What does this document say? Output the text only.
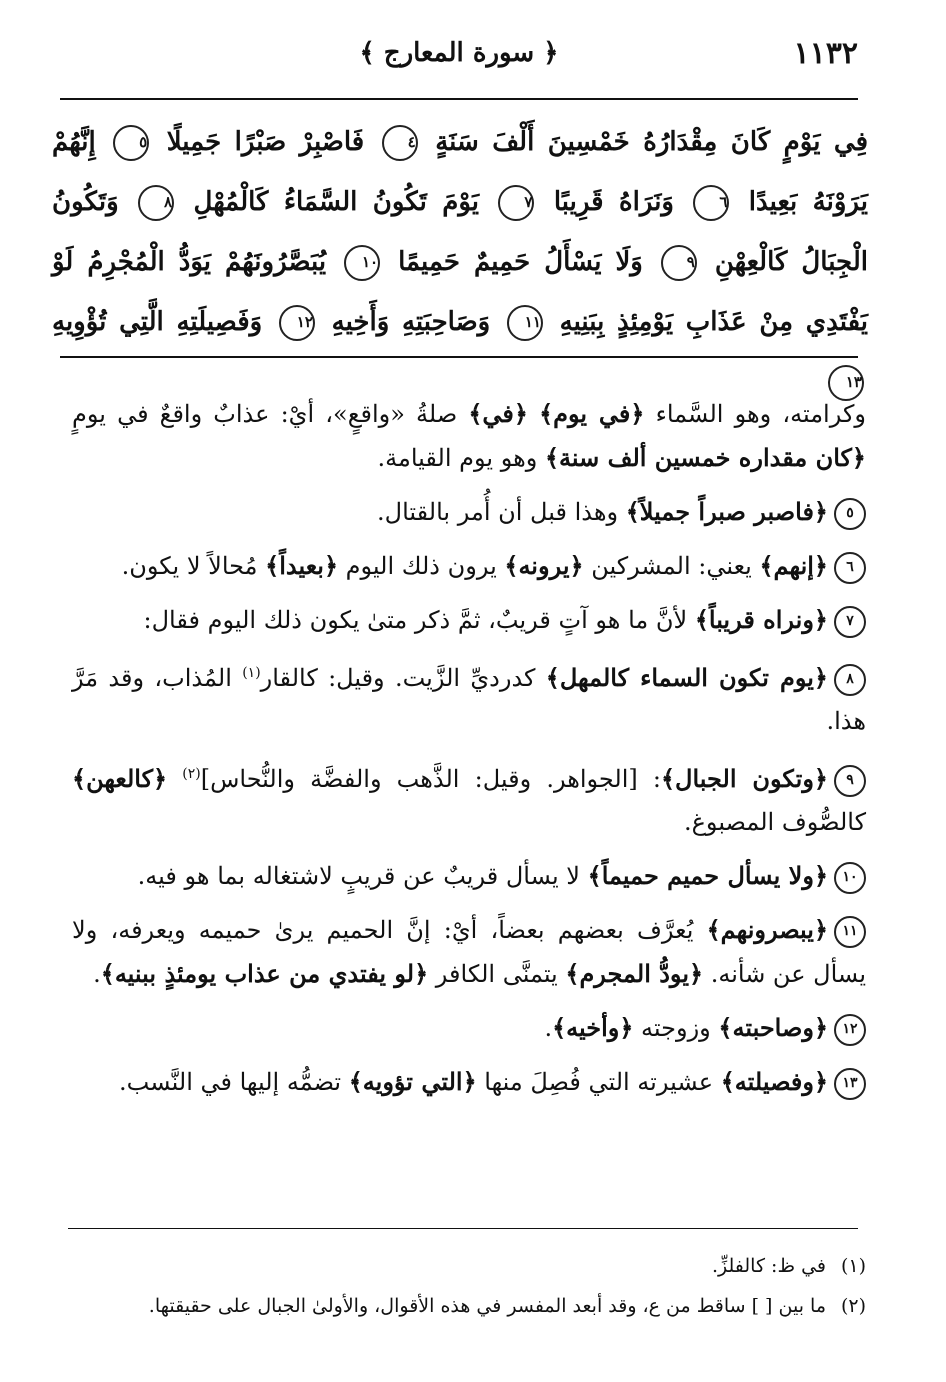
١١٣٢
﴿ سورة المعارج ﴾
فِي يَوْمٍ كَانَ مِقْدَارُهُ خَمْسِينَ أَلْفَ سَنَةٍ ٤ فَاصْبِرْ صَبْرًا جَمِيلًا ٥ إِنَّهُمْ يَرَوْنَهُ بَعِيدًا ٦ وَنَرَاهُ قَرِيبًا ٧ يَوْمَ تَكُونُ السَّمَاءُ كَالْمُهْلِ ٨ وَتَكُونُ الْجِبَالُ كَالْعِهْنِ ٩ وَلَا يَسْأَلُ حَمِيمٌ حَمِيمًا ١٠ يُبَصَّرُونَهُمْ يَوَدُّ الْمُجْرِمُ لَوْ يَفْتَدِي مِنْ عَذَابِ يَوْمِئِذٍ بِبَنِيهِ ١١ وَصَاحِبَتِهِ وَأَخِيهِ ١٢ وَفَصِيلَتِهِ الَّتِي تُؤْوِيهِ ١٣

وكرامته، وهو السَّماء ﴿في يوم﴾ ﴿في﴾ صلةُ «واقعٍ»، أيْ: عذابٌ واقعٌ في يومٍ ﴿كان مقداره خمسين ألف سنة﴾ وهو يوم القيامة.

٥﴿فاصبر صبراً جميلاً﴾ وهذا قبل أن أُمر بالقتال.

٦﴿إنهم﴾ يعني: المشركين ﴿يرونه﴾ يرون ذلك اليوم ﴿بعيداً﴾ مُحالاً لا يكون.

٧﴿ونراه قريباً﴾ لأنَّ ما هو آتٍ قريبٌ، ثمَّ ذكر متىٰ يكون ذلك اليوم فقال:

٨﴿يوم تكون السماء كالمهل﴾ كدرديِّ الزَّيت. وقيل: كالقار$^{(١)}$ المُذاب، وقد مَرَّ هذا.

٩﴿وتكون الجبال﴾: [الجواهر. وقيل: الذَّهب والفضَّة والنُّحاس]$^{(٢)}$ ﴿كالعهن﴾ كالصُّوف المصبوغ.

١٠﴿ولا يسأل حميم حميماً﴾ لا يسأل قريبٌ عن قريبٍ لاشتغاله بما هو فيه.

١١﴿يبصرونهم﴾ يُعرَّف بعضهم بعضاً، أيْ: إنَّ الحميم يرىٰ حميمه ويعرفه، ولا يسأل عن شأنه. ﴿يودُّ المجرم﴾ يتمنَّى الكافر ﴿لو يفتدي من عذاب يومئذٍ ببنيه﴾.

١٢﴿وصاحبته﴾ وزوجته ﴿وأخيه﴾.

١٣﴿وفصيلته﴾ عشيرته التي فُصِلَ منها ﴿التي تؤويه﴾ تضمُّه إليها في النَّسب.

(١)في ظ: كالفلزِّ.
(٢)ما بين [ ] ساقط من ع، وقد أبعد المفسر في هذه الأقوال، والأولىٰ الجبال على حقيقتها.
